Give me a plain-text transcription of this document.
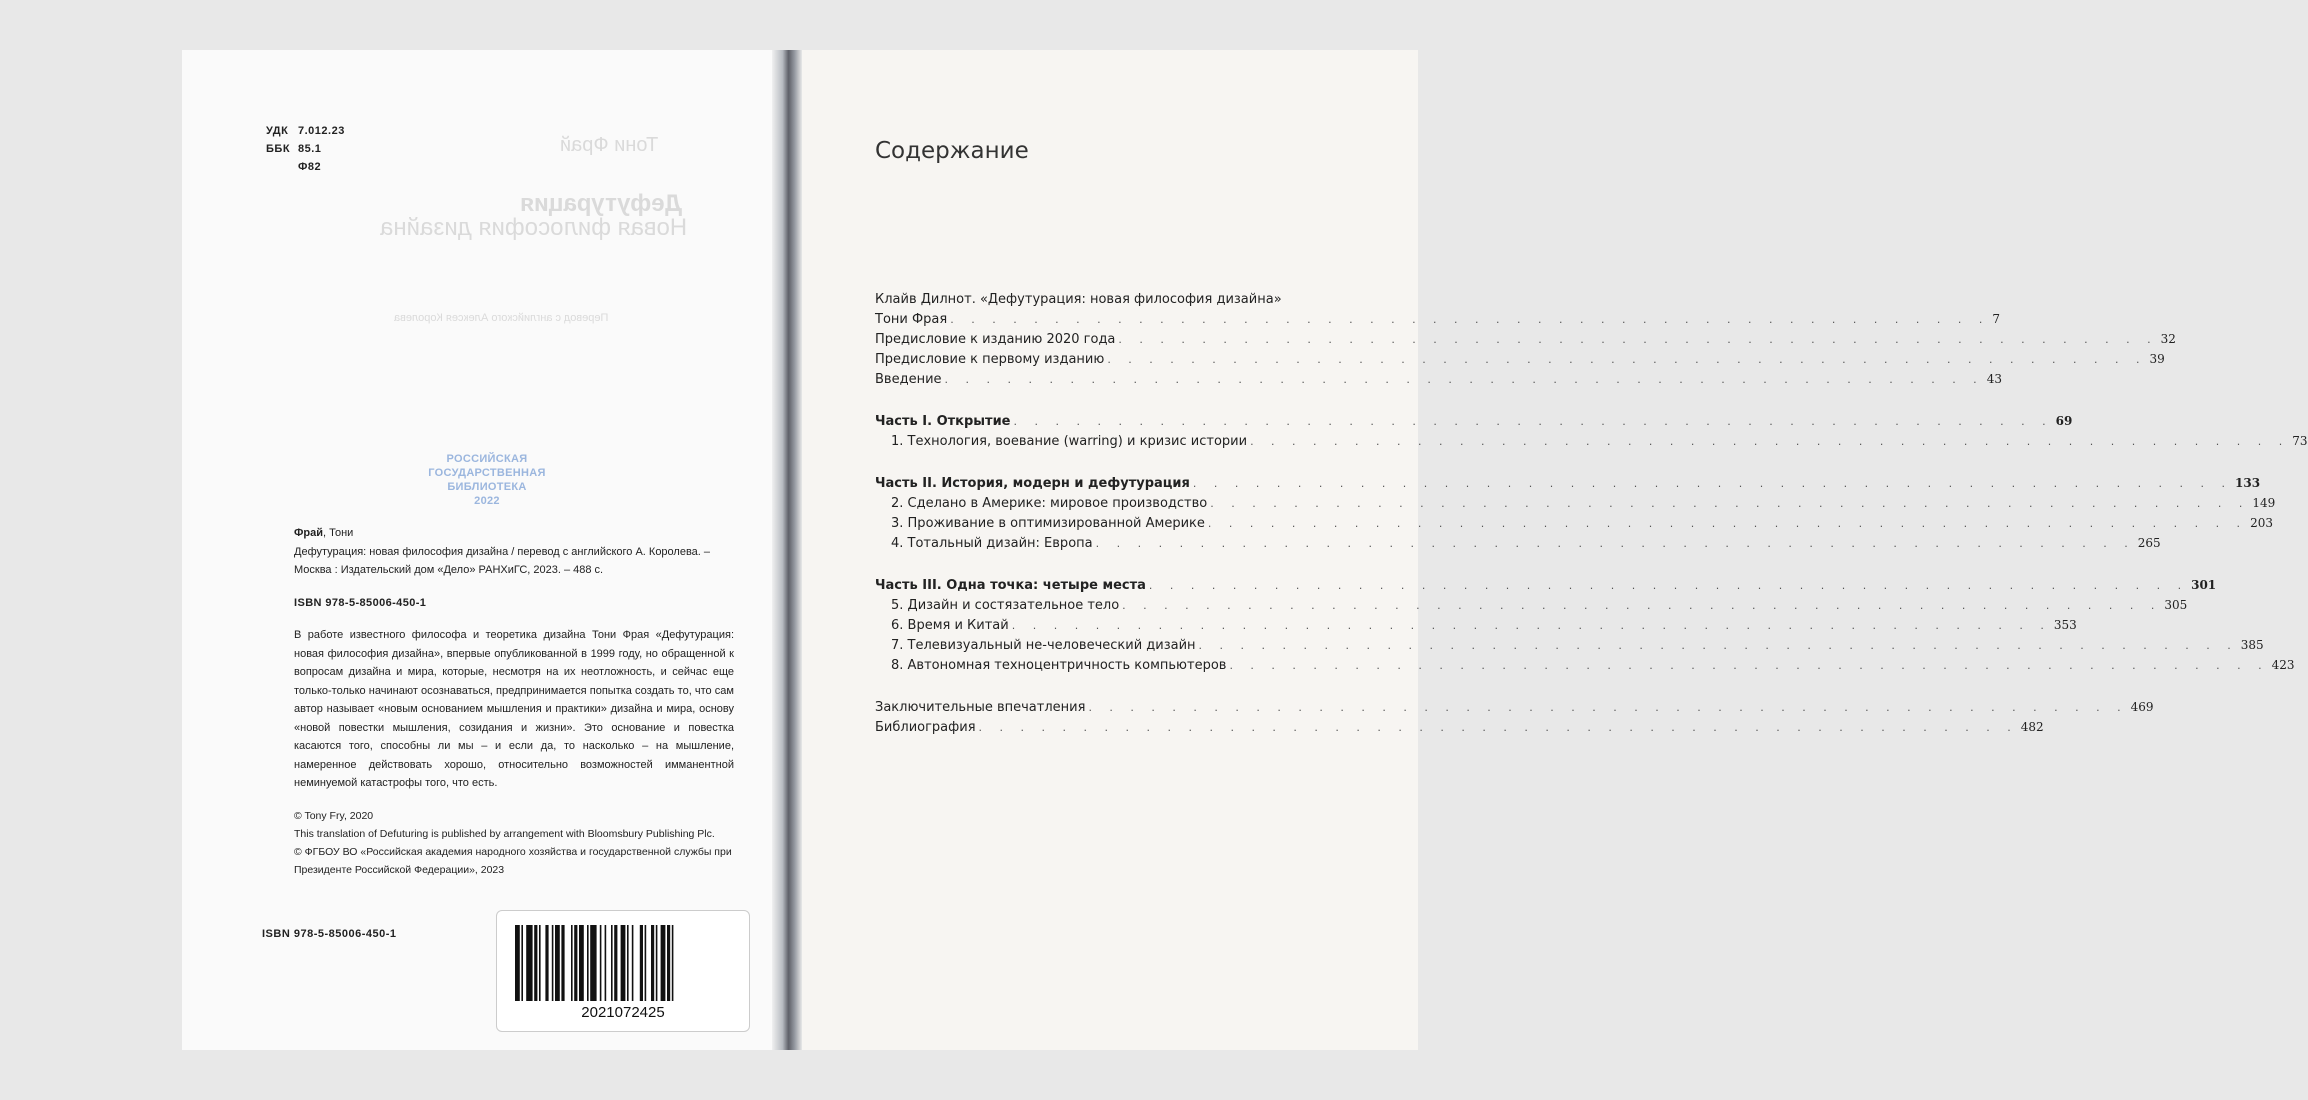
Тони Фрай
Дефутурация
Новая философия дизайна
Перевод с английского Алексея Королева
УДК 7.012.23
ББК 85.1
Ф82
РОССИЙСКАЯ
ГОСУДАРСТВЕННАЯ
БИБЛИОТЕКА
2022
Фрай, Тони
Дефутурация: новая философия дизайна / перевод с английского А. Королева. – Москва : Издательский дом «Дело» РАНХиГС, 2023. – 488 с.
ISBN 978-5-85006-450-1
В работе известного философа и теоретика дизайна Тони Фрая «Дефутурация: новая философия дизайна», впервые опубликованной в 1999 году, но обращенной к вопросам дизайна и мира, которые, несмотря на их неотложность, и сейчас еще только-только начинают осознаваться, предпринимается попытка создать то, что сам автор называет «новым основанием мышления и практики» дизайна и мира, основу «новой повестки мышления, созидания и жизни». Это основание и повестка касаются того, способны ли мы – и если да, то насколько – на мышление, намеренное действовать хорошо, относительно возможностей имманентной неминуемой катастрофы того, что есть.
© Tony Fry, 2020
This translation of Defuturing is published by arrangement with Bloomsbury Publishing Plc.
© ФГБОУ ВО «Российская академия народного хозяйства и государственной службы при Президенте Российской Федерации», 2023
ISBN 978-5-85006-450-1
2021072425
Содержание
Клайв Дилнот. «Дефутурация: новая философия дизайна»
Тони Фрая . . . . . . . . . . . . . . . . . . . . . . . . . . . . . . . . . . . . . . . . . . . . . . . . . . 7
Предисловие к изданию 2020 года . . . . . . . . . . . . . . . . . . . . . . . . . . . . . . . . . . . . . . . . . . . . . . . . . . 32
Предисловие к первому изданию . . . . . . . . . . . . . . . . . . . . . . . . . . . . . . . . . . . . . . . . . . . . . . . . . . 39
Введение . . . . . . . . . . . . . . . . . . . . . . . . . . . . . . . . . . . . . . . . . . . . . . . . . . 43
Часть I. Открытие . . . . . . . . . . . . . . . . . . . . . . . . . . . . . . . . . . . . . . . . . . . . . . . . . . 69
1. Технология, воевание (warring) и кризис истории . . . . . . . . . . . . . . . . . . . . . . . . . . . . . . . . . . . . . . . . . . . . . . . . . . 73
Часть II. История, модерн и дефутурация . . . . . . . . . . . . . . . . . . . . . . . . . . . . . . . . . . . . . . . . . . . . . . . . . . 133
2. Сделано в Америке: мировое производство . . . . . . . . . . . . . . . . . . . . . . . . . . . . . . . . . . . . . . . . . . . . . . . . . . 149
3. Проживание в оптимизированной Америке . . . . . . . . . . . . . . . . . . . . . . . . . . . . . . . . . . . . . . . . . . . . . . . . . . 203
4. Тотальный дизайн: Европа . . . . . . . . . . . . . . . . . . . . . . . . . . . . . . . . . . . . . . . . . . . . . . . . . . 265
Часть III. Одна точка: четыре места . . . . . . . . . . . . . . . . . . . . . . . . . . . . . . . . . . . . . . . . . . . . . . . . . . 301
5. Дизайн и состязательное тело . . . . . . . . . . . . . . . . . . . . . . . . . . . . . . . . . . . . . . . . . . . . . . . . . . 305
6. Время и Китай . . . . . . . . . . . . . . . . . . . . . . . . . . . . . . . . . . . . . . . . . . . . . . . . . . 353
7. Телевизуальный не-человеческий дизайн . . . . . . . . . . . . . . . . . . . . . . . . . . . . . . . . . . . . . . . . . . . . . . . . . . 385
8. Автономная техноцентричность компьютеров . . . . . . . . . . . . . . . . . . . . . . . . . . . . . . . . . . . . . . . . . . . . . . . . . . 423
Заключительные впечатления . . . . . . . . . . . . . . . . . . . . . . . . . . . . . . . . . . . . . . . . . . . . . . . . . . 469
Библиография . . . . . . . . . . . . . . . . . . . . . . . . . . . . . . . . . . . . . . . . . . . . . . . . . . 482
